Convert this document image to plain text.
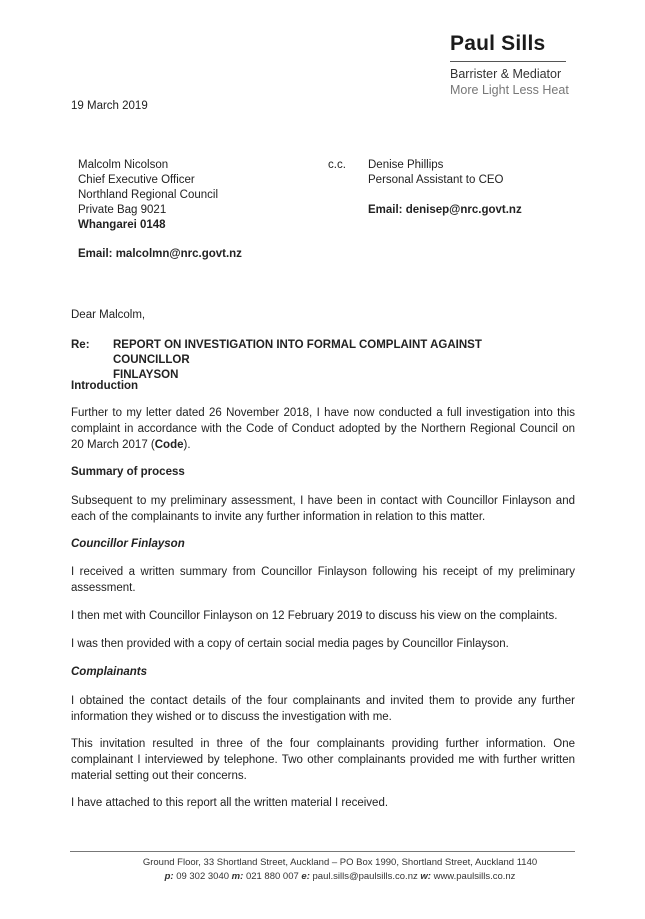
Paul Sills
Barrister & Mediator
More Light Less Heat
19 March 2019
Malcolm Nicolson
Chief Executive Officer
Northland Regional Council
Private Bag 9021
Whangarei 0148
Email: malcolmn@nrc.govt.nz
c.c. Denise Phillips
Personal Assistant to CEO
Email: denisep@nrc.govt.nz
Dear Malcolm,
Re: REPORT ON INVESTIGATION INTO FORMAL COMPLAINT AGAINST COUNCILLOR
FINLAYSON
Introduction
Further to my letter dated 26 November 2018, I have now conducted a full investigation into this complaint in accordance with the Code of Conduct adopted by the Northern Regional Council on 20 March 2017 (Code).
Summary of process
Subsequent to my preliminary assessment, I have been in contact with Councillor Finlayson and each of the complainants to invite any further information in relation to this matter.
Councillor Finlayson
I received a written summary from Councillor Finlayson following his receipt of my preliminary assessment.
I then met with Councillor Finlayson on 12 February 2019 to discuss his view on the complaints.
I was then provided with a copy of certain social media pages by Councillor Finlayson.
Complainants
I obtained the contact details of the four complainants and invited them to provide any further information they wished or to discuss the investigation with me.
This invitation resulted in three of the four complainants providing further information. One complainant I interviewed by telephone. Two other complainants provided me with further written material setting out their concerns.
I have attached to this report all the written material I received.
Ground Floor, 33 Shortland Street, Auckland – PO Box 1990, Shortland Street, Auckland 1140
p: 09 302 3040 m: 021 880 007 e: paul.sills@paulsills.co.nz w: www.paulsills.co.nz
